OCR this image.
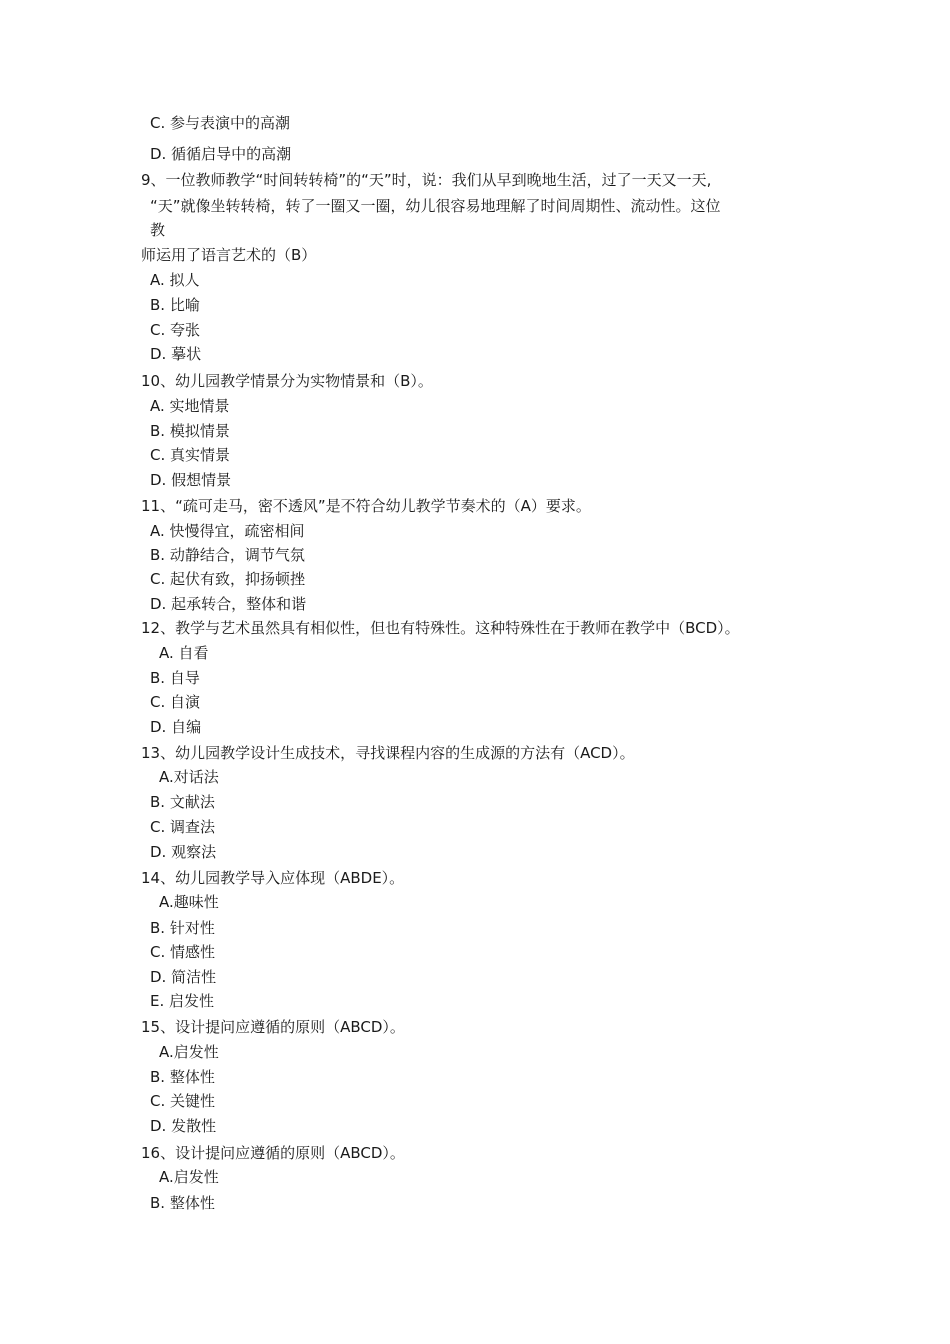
C. 参与表演中的高潮
D. 循循启导中的高潮
9、一位教师教学“时间转转椅”的“天”时，说：我们从早到晚地生活，过了一天又一天,
“天”就像坐转转椅，转了一圈又一圈，幼儿很容易地理解了时间周期性、流动性。这位
教
师运用了语言艺术的（B）
A. 拟人
B. 比喻
C. 夸张
D. 摹状
10、幼儿园教学情景分为实物情景和（B）。
A. 实地情景
B. 模拟情景
C. 真实情景
D. 假想情景
11、“疏可走马，密不透风”是不符合幼儿教学节奏术的（A）要求。
A. 快慢得宜，疏密相间
B. 动静结合，调节气氛
C. 起伏有致，抑扬顿挫
D. 起承转合，整体和谐
12、教学与艺术虽然具有相似性，但也有特殊性。这种特殊性在于教师在教学中（BCD）。
A. 自看
B. 自导
C. 自演
D. 自编
13、幼儿园教学设计生成技术，寻找课程内容的生成源的方法有（ACD）。
A.对话法
B. 文献法
C. 调查法
D. 观察法
14、幼儿园教学导入应体现（ABDE）。
A.趣味性
B. 针对性
C. 情感性
D. 简洁性
E. 启发性
15、设计提问应遵循的原则（ABCD）。
A.启发性
B. 整体性
C. 关键性
D. 发散性
16、设计提问应遵循的原则（ABCD）。
A.启发性
B. 整体性
